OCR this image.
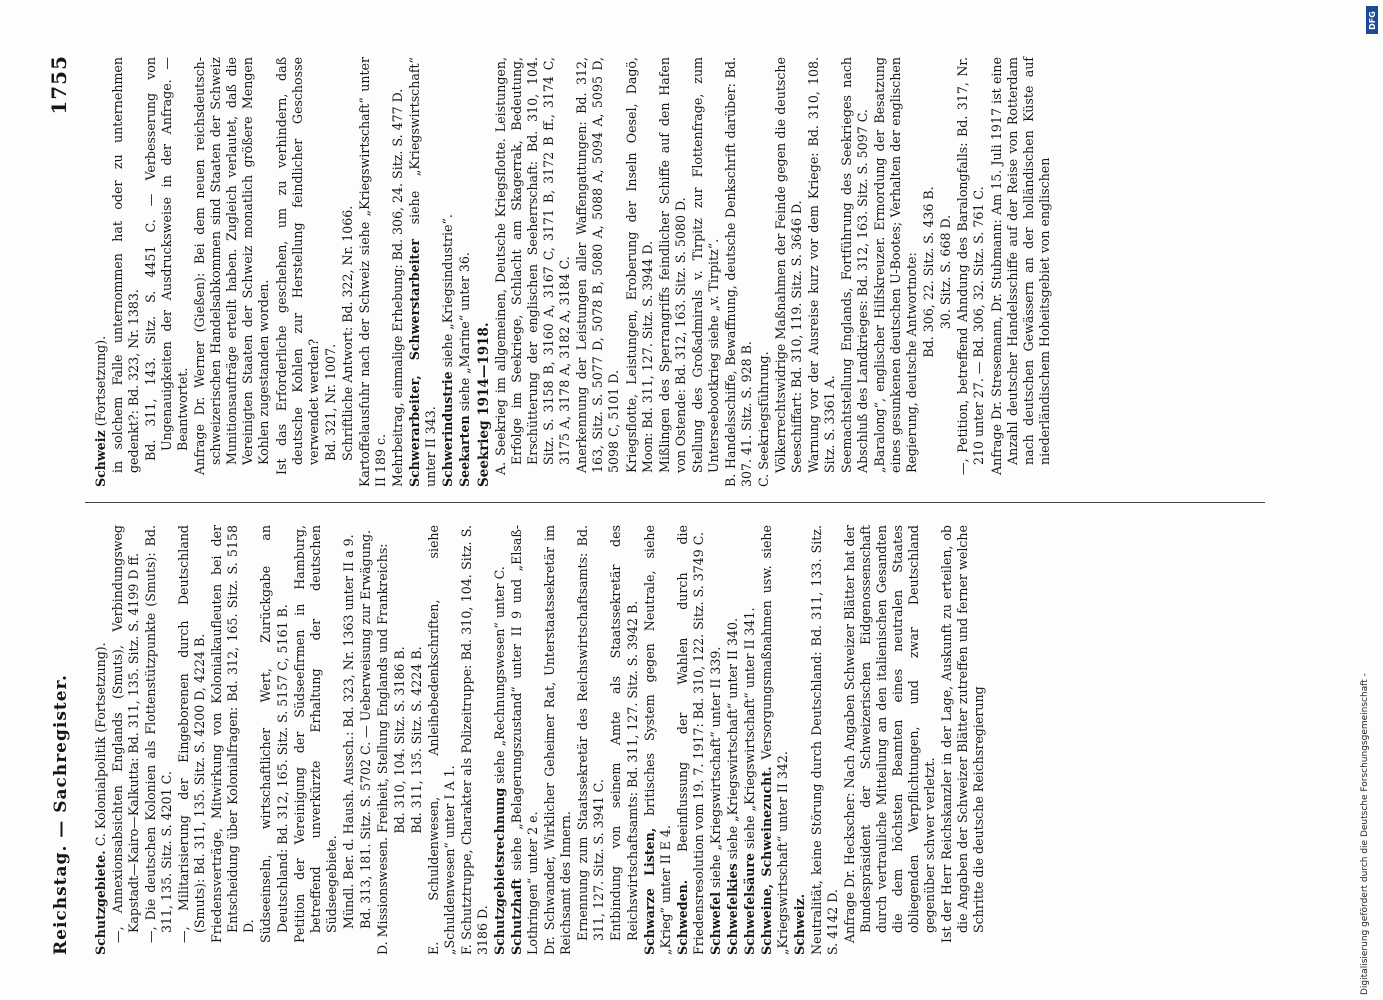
Reichstag. — Sachregister.
1755
Schutzgebiete. C. Kolonialpolitik (Fortsetzung). —, Annexionsabsichten Englands (Smuts), Verbindungsweg Kapstadt—Kairo—Kalkutta: Bd. 311, 135. Sitz. S. 4199 D ff. —, Die deutschen Kolonien als Flottenstützpunkte (Smuts): Bd. 311, 135. Sitz. S. 4201 C. —, Militarisierung der Eingeborenen durch Deutschland (Smuts): Bd. 311, 135. Sitz. S. 4200 D, 4224 B. Friedensverträge, Mitwirkung von Kolonialkaufleuten bei der Entscheidung über Kolonialfragen: Bd. 312, 165. Sitz. S. 5158 D. Südseeinseln, wirtschaftlicher Wert, Zurückgabe an Deutschland: Bd. 312, 165. Sitz. S. 5157 C, 5161 B. Petition der Vereinigung der Südseefirmen in Hamburg, betreffend unverkürzte Erhaltung der deutschen Südseegebiete. Mündl. Ber. d. Haush. Aussch.: Bd. 323, Nr. 1363 unter II a 9. Bd. 313, 181. Sitz. S. 5702 C. — Ueberweisung zur Erwägung. D. Missionswesen. Freiheit, Stellung Englands und Frankreichs: Bd. 310, 104. Sitz. S. 3186 B. Bd. 311, 135. Sitz. S. 4224 B. E. Schuldenwesen, Anleihebedenkschriften, siehe „Schuldenwesen“ unter I A 1. F. Schutztruppe, Charakter als Polizeitruppe: Bd. 310, 104. Sitz. S. 3186 D. Schutzgebietsrechnung siehe „Rechnungswesen“ unter C.
Schutzhaft siehe „Belagerungszustand“ unter II 9 und „Elsaß-Lothringen“ unter 2 e. Dr. Schwander, Wirklicher Geheimer Rat, Unterstaatssekretär im Reichsamt des Innern. Ernennung zum Staatssekretär des Reichswirtschaftsamts: Bd. 311, 127. Sitz. S. 3941 C. Entbindung von seinem Amte als Staatssekretär des Reichswirtschaftsamts: Bd. 311, 127. Sitz. S. 3942 B. Schwarze Listen, britisches System gegen Neutrale, siehe „Krieg“ unter II E 4. Schweden. Beeinflussung der Wahlen durch die Friedensresolution vom 19. 7. 1917: Bd. 310, 122. Sitz. S. 3749 C. Schwefel siehe „Kriegswirtschaft“ unter II 339.
Schwefelkies siehe „Kriegswirtschaft“ unter II 340.
Schwefelsäure siehe „Kriegswirtschaft“ unter II 341.
Schweine, Schweinezucht. Versorgungsmaßnahmen usw. siehe „Kriegswirtschaft“ unter II 342. Schweiz. Neutralität, keine Störung durch Deutschland: Bd. 311, 133. Sitz. S. 4142 D. Anfrage Dr. Heckscher: Nach Angaben Schweizer Blätter hat der Bundespräsident der Schweizerischen Eidgenossenschaft durch vertrauliche Mitteilung an den italienischen Gesandten die dem höchsten Beamten eines neutralen Staates obliegenden Verpflichtungen, und zwar Deutschland gegenüber schwer verletzt. Ist der Herr Reichskanzler in der Lage, Auskunft zu erteilen, ob die Angaben der Schweizer Blätter zutreffen und ferner welche Schritte die deutsche Reichsregierung
Schweiz (Fortsetzung). in solchem Falle unternommen hat oder zu unternehmen gedenkt?: Bd. 323, Nr. 1383. Bd. 311, 143. Sitz. S. 4451 C. — Verbesserung von Ungenauigkeiten der Ausdrucksweise in der Anfrage. — Beantwortet. Anfrage Dr. Werner (Gießen): Bei dem neuen reichsdeutsch-schweizerischen Handelsabkommen sind Staaten der Schweiz Munitionsaufträge erteilt haben. Zugleich verlautet, daß die Vereinigten Staaten der Schweiz monatlich größere Mengen Kohlen zugestanden worden. Ist das Erforderliche geschehen, um zu verhindern, daß deutsche Kohlen zur Herstellung feindlicher Geschosse verwendet werden? Bd. 321, Nr. 1007. Schriftliche Antwort: Bd. 322, Nr. 1066. Kartoffelausfuhr nach der Schweiz siehe „Kriegswirtschaft“ unter II 189 c. Mehrbeitrag, einmalige Erhebung: Bd. 306, 24. Sitz. S. 477 D. Schwerarbeiter, Schwerstarbeiter siehe „Kriegswirtschaft“ unter II 343. Schwerindustrie siehe „Kriegsindustrie“.
Seekarten siehe „Marine“ unter 36. Seekrieg 1914—1918. A. Seekrieg im allgemeinen, Deutsche Kriegsflotte. Leistungen, Erfolge im Seekriege, Schlacht am Skagerrak, Bedeutung, Erschütterung der englischen Seeherrschaft: Bd. 310, 104. Sitz. S. 3158 B, 3160 A, 3167 C, 3171 B, 3172 B ff., 3174 C, 3175 A, 3178 A, 3182 A, 3184 C. Anerkennung der Leistungen aller Waffengattungen: Bd. 312, 163, Sitz. S. 5077 D, 5078 B, 5080 A, 5088 A, 5094 A, 5095 D, 5098 C, 5101 D. Kriegsflotte, Leistungen, Eroberung der Inseln Oesel, Dagö, Moon: Bd. 311, 127. Sitz. S. 3944 D. Mißlingen des Sperrangriffs feindlicher Schiffe auf den Hafen von Ostende: Bd. 312, 163. Sitz. S. 5080 D. Stellung des Großadmirals v. Tirpitz zur Flottenfrage, zum Unterseebootkrieg siehe „v. Tirpitz“. B. Handelsschiffe, Bewaffnung, deutsche Denkschrift darüber: Bd. 307. 41. Sitz. S. 928 B. C. Seekriegsführung. Völkerrechtswidrige Maßnahmen der Feinde gegen die deutsche Seeschiffart: Bd. 310, 119. Sitz. S. 3646 D. Warnung vor der Ausreise kurz vor dem Kriege: Bd. 310, 108. Sitz. S. 3361 A. Seemachtstellung Englands, Fortführung des Seekrieges nach Abschluß des Landkrieges: Bd. 312, 163. Sitz. S. 5097 C. „Baralong“, englischer Hilfskreuzer. Ermordung der Besatzung eines gesunkenen deutschen U-Bootes; Verhalten der englischen Regierung, deutsche Antwortnote: Bd. 306, 22. Sitz. S. 436 B. 30. Sitz. S. 668 D. —, Petition, betreffend Ahndung des Baralongfalls: Bd. 317, Nr. 210 unter 27. — Bd. 306, 32. Sitz. S. 761 C. Anfrage Dr. Stresemann, Dr. Stubmann: Am 15. Juli 1917 ist eine Anzahl deutscher Handelsschiffe auf der Reise von Rotterdam nach deutschen Gewässern an der holländischen Küste auf niederländischem Hoheitsgebiet von englischen
Digitalisierung gefördert durch die Deutsche Forschungsgemeinschaft -
DFG
